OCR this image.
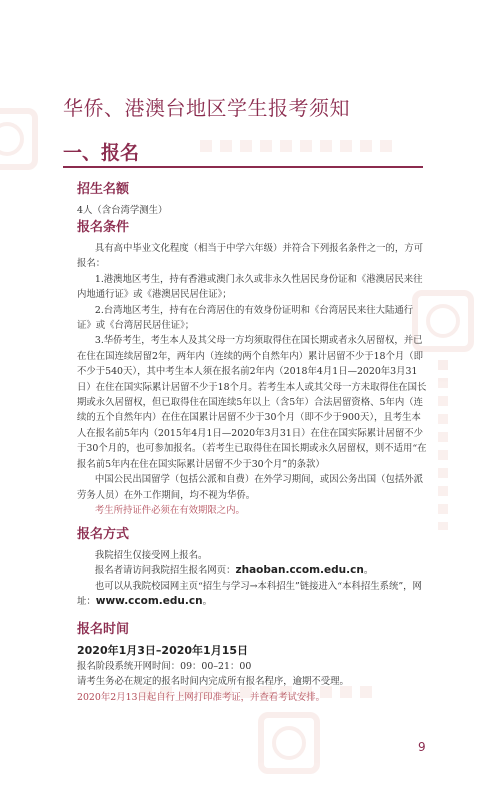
华侨、港澳台地区学生报考须知
一、报名

招生名额

4人（含台湾学测生）

报名条件

具有高中毕业文化程度（相当于中学六年级）并符合下列报名条件之一的，方可报名：

1.港澳地区考生，持有香港或澳门永久或非永久性居民身份证和《港澳居民来往内地通行证》或《港澳居民居住证》；

2.台湾地区考生，持有在台湾居住的有效身份证明和《台湾居民来往大陆通行证》或《台湾居民居住证》；

3.华侨考生，考生本人及其父母一方均须取得住在国长期或者永久居留权，并已在住在国连续居留2年，两年内（连续的两个自然年内）累计居留不少于18个月（即不少于540天），其中考生本人须在报名前2年内（2018年4月1日—2020年3月31日）在住在国实际累计居留不少于18个月。若考生本人或其父母一方未取得住在国长期或永久居留权，但已取得住在国连续5年以上（含5年）合法居留资格、5年内（连续的五个自然年内）在住在国累计居留不少于30个月（即不少于900天），且考生本人在报名前5年内（2015年4月1日—2020年3月31日）在住在国实际累计居留不少于30个月的，也可参加报名。（若考生已取得住在国长期或永久居留权，则不适用“在报名前5年内在住在国实际累计居留不少于30个月”的条款）

中国公民出国留学（包括公派和自费）在外学习期间，或因公务出国（包括外派劳务人员）在外工作期间，均不视为华侨。

考生所持证件必须在有效期限之内。

报名方式

我院招生仅接受网上报名。

报名者请访问我院招生报名网页：zhaoban.ccom.edu.cn。

也可以从我院校园网主页“招生与学习→本科招生”链接进入“本科招生系统”，网址：www.ccom.edu.cn。

报名时间

2020年1月3日–2020年1月15日

报名阶段系统开网时间：09：00–21：00

请考生务必在规定的报名时间内完成所有报名程序，逾期不受理。

2020年2月13日起自行上网打印准考证，并查看考试安排。

9
